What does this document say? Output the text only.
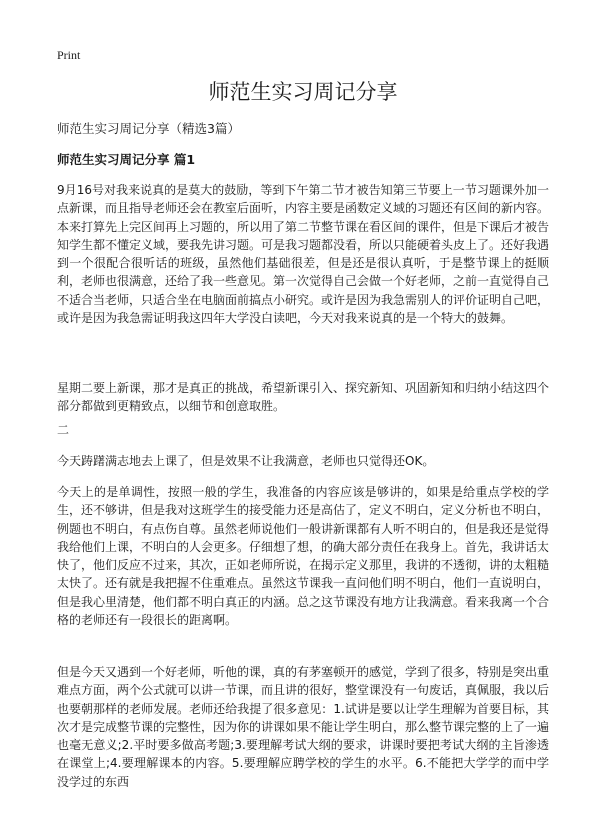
Print
师范生实习周记分享
师范生实习周记分享（精选3篇）
师范生实习周记分享 篇1

9月16号对我来说真的是莫大的鼓励，等到下午第二节才被告知第三节要上一节习题课外加一点新课，而且指导老师还会在教室后面听，内容主要是函数定义域的习题还有区间的新内容。本来打算先上完区间再上习题的，所以用了第二节整节课在看区间的课件，但是下课后才被告知学生都不懂定义域，要我先讲习题。可是我习题都没看，所以只能硬着头皮上了。还好我遇到一个很配合很听话的班级，虽然他们基础很差，但是还是很认真听，于是整节课上的挺顺利，老师也很满意，还给了我一些意见。第一次觉得自己会做一个好老师，之前一直觉得自己不适合当老师，只适合坐在电脑面前搞点小研究。或许是因为我急需别人的评价证明自己吧，或许是因为我急需证明我这四年大学没白读吧，今天对我来说真的是一个特大的鼓舞。

星期二要上新课，那才是真正的挑战，希望新课引入、探究新知、巩固新知和归纳小结这四个部分都做到更精致点，以细节和创意取胜。

二

今天踌躇满志地去上课了，但是效果不让我满意，老师也只觉得还OK。

今天上的是单调性，按照一般的学生，我准备的内容应该是够讲的，如果是给重点学校的学生，还不够讲，但是我对这班学生的接受能力还是高估了，定义不明白，定义分析也不明白，例题也不明白，有点伤自尊。虽然老师说他们一般讲新课都有人听不明白的，但是我还是觉得我给他们上课，不明白的人会更多。仔细想了想，的确大部分责任在我身上。首先，我讲话太快了，他们反应不过来，其次，正如老师所说，在揭示定义那里，我讲的不透彻，讲的太粗糙太快了。还有就是我把握不住重难点。虽然这节课我一直问他们明不明白，他们一直说明白，但是我心里清楚，他们都不明白真正的内涵。总之这节课没有地方让我满意。看来我离一个合格的老师还有一段很长的距离啊。

但是今天又遇到一个好老师，听他的课，真的有茅塞顿开的感觉，学到了很多，特别是突出重难点方面，两个公式就可以讲一节课，而且讲的很好，整堂课没有一句废话，真佩服，我以后也要朝那样的老师发展。老师还给我提了很多意见：1.试讲是要以让学生理解为首要目标，其次才是完成整节课的完整性，因为你的讲课如果不能让学生明白，那么整节课完整的上了一遍也毫无意义;2.平时要多做高考题;3.要理解考试大纲的要求，讲课时要把考试大纲的主旨渗透在课堂上;4.要理解课本的内容。5.要理解应聘学校的学生的水平。6.不能把大学学的而中学没学过的东西
